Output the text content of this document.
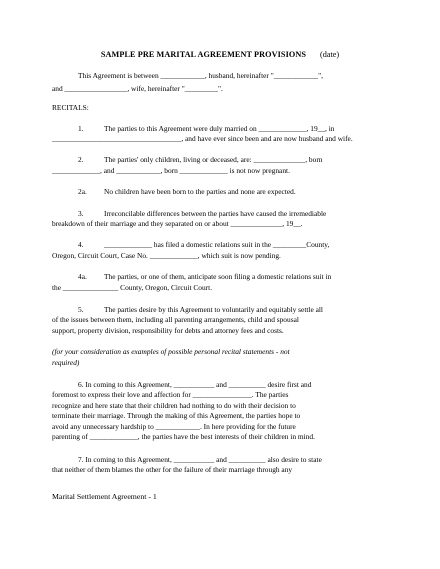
SAMPLE PRE MARITAL AGREEMENT PROVISIONS (date)

This Agreement is between ____________, husband, hereinafter "____________",

and _________________, wife, hereinafter "_________".

RECITALS:

1.	The parties to this Agreement were duly married on _____________, 19__, in

___________________________________, and have ever since been and are now husband and wife.

2.	The parties' only children, living or deceased, are: ______________, born

_____________, and ____________, born _____________ is not now pregnant.

2a. No children have been born to the parties and none are expected.
3.	Irreconcilable differences between the parties have caused the irremediable

breakdown of their marriage and they separated on or about ______________, 19__.

4.	_____________ has filed a domestic relations suit in the _________County,

Oregon, Circuit Court, Case No. _____________, which suit is now pending.

4a. The parties, or one of them, anticipate soon filing a domestic relations suit in

the _______________ County, Oregon, Circuit Court.

5.	The parties desire by this Agreement to voluntarily and equitably settle all

of the issues between them, including all parenting arrangements, child and spousal

support, property division, responsibility for debts and attorney fees and costs.

(for your consideration as examples of possible personal recital statements - not

required)

6. In coming to this Agreement, ___________ and __________ desire first and

foremost to express their love and affection for ________________. The parties

recognize and here state that their children had nothing to do with their decision to

terminate their marriage. Through the making of this Agreement, the parties hope to

avoid any unnecessary hardship to ____________. In here providing for the future

parenting of _____________, the parties have the best interests of their children in mind.

7. In coming to this Agreement, ___________ and __________ also desire to state

that neither of them blames the other for the failure of their marriage through any

Marital Settlement Agreement - 1
